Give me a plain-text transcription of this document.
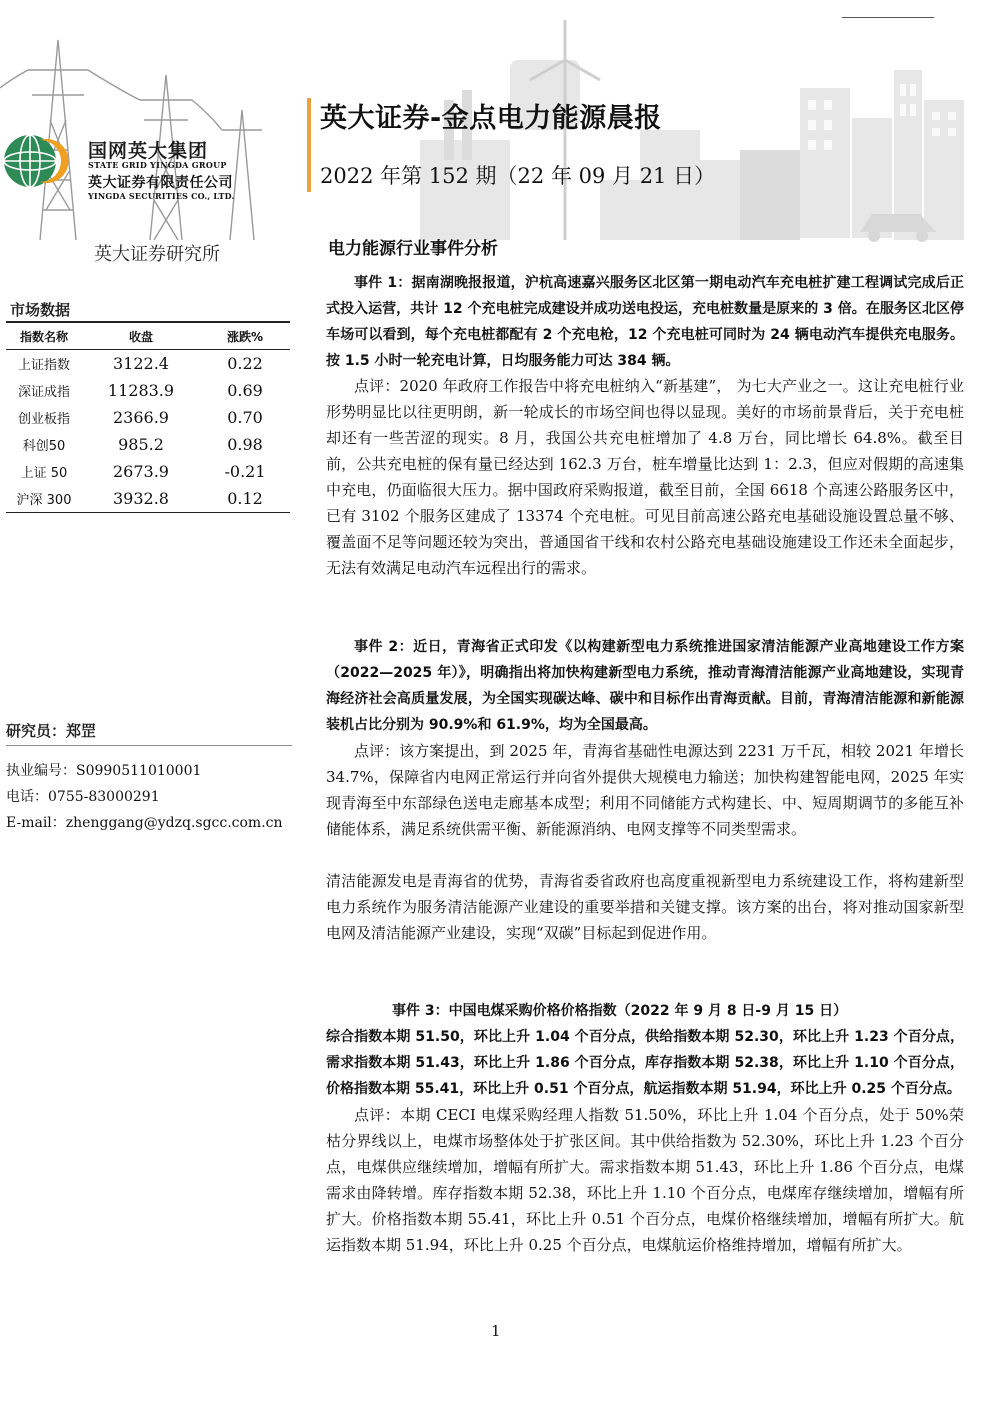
英大证券-金点电力能源晨报
2022 年第 152 期（22 年 09 月 21 日）
国网英大集团
STATE GRID YINGDA GROUP
英大证券有限责任公司
YINGDA SECURITIES CO., LTD.
英大证券研究所
市场数据
指数名称	收盘	涨跌%
上证指数	3122.4	0.22
深证成指	11283.9	0.69
创业板指	2366.9	0.70
科创50	985.2	0.98
上证 50	2673.9	-0.21
沪深 300	3932.8	0.12
研究员：郑罡
执业编号：S0990511010001
电话：0755-83000291
E-mail：zhenggang@ydzq.sgcc.com.cn
电力能源行业事件分析
事件 1：据南湖晚报报道，沪杭高速嘉兴服务区北区第一期电动汽车充电桩扩建工程调试完成后正式投入运营，共计 12 个充电桩完成建设并成功送电投运，充电桩数量是原来的 3 倍。在服务区北区停车场可以看到，每个充电桩都配有 2 个充电枪，12 个充电桩可同时为 24 辆电动汽车提供充电服务。按 1.5 小时一轮充电计算，日均服务能力可达 384 辆。
点评：2020 年政府工作报告中将充电桩纳入“新基建”， 为七大产业之一。这让充电桩行业形势明显比以往更明朗，新一轮成长的市场空间也得以显现。美好的市场前景背后，关于充电桩却还有一些苦涩的现实。8 月，我国公共充电桩增加了 4.8 万台，同比增长 64.8%。截至目前，公共充电桩的保有量已经达到 162.3 万台，桩车增量比达到 1：2.3，但应对假期的高速集中充电，仍面临很大压力。据中国政府采购报道，截至目前，全国 6618 个高速公路服务区中，已有 3102 个服务区建成了 13374 个充电桩。可见目前高速公路充电基础设施设置总量不够、覆盖面不足等问题还较为突出，普通国省干线和农村公路充电基础设施建设工作还未全面起步，无法有效满足电动汽车远程出行的需求。
事件 2：近日，青海省正式印发《以构建新型电力系统推进国家清洁能源产业高地建设工作方案（2022—2025 年）》，明确指出将加快构建新型电力系统，推动青海清洁能源产业高地建设，实现青海经济社会高质量发展，为全国实现碳达峰、碳中和目标作出青海贡献。目前，青海清洁能源和新能源装机占比分别为 90.9%和 61.9%，均为全国最高。
点评：该方案提出，到 2025 年，青海省基础性电源达到 2231 万千瓦，相较 2021 年增长 34.7%，保障省内电网正常运行并向省外提供大规模电力输送；加快构建智能电网，2025 年实现青海至中东部绿色送电走廊基本成型；利用不同储能方式构建长、中、短周期调节的多能互补储能体系，满足系统供需平衡、新能源消纳、电网支撑等不同类型需求。
清洁能源发电是青海省的优势，青海省委省政府也高度重视新型电力系统建设工作，将构建新型电力系统作为服务清洁能源产业建设的重要举措和关键支撑。该方案的出台，将对推动国家新型电网及清洁能源产业建设，实现“双碳”目标起到促进作用。
事件 3：中国电煤采购价格价格指数（2022 年 9 月 8 日-9 月 15 日）
综合指数本期 51.50，环比上升 1.04 个百分点，供给指数本期 52.30，环比上升 1.23 个百分点，需求指数本期 51.43，环比上升 1.86 个百分点，库存指数本期 52.38，环比上升 1.10 个百分点，价格指数本期 55.41，环比上升 0.51 个百分点，航运指数本期 51.94，环比上升 0.25 个百分点。
点评：本期 CECI 电煤采购经理人指数 51.50%，环比上升 1.04 个百分点，处于 50%荣枯分界线以上，电煤市场整体处于扩张区间。其中供给指数为 52.30%，环比上升 1.23 个百分点，电煤供应继续增加，增幅有所扩大。需求指数本期 51.43，环比上升 1.86 个百分点，电煤需求由降转增。库存指数本期 52.38，环比上升 1.10 个百分点，电煤库存继续增加，增幅有所扩大。价格指数本期 55.41，环比上升 0.51 个百分点，电煤价格继续增加，增幅有所扩大。航运指数本期 51.94，环比上升 0.25 个百分点，电煤航运价格维持增加，增幅有所扩大。
1
